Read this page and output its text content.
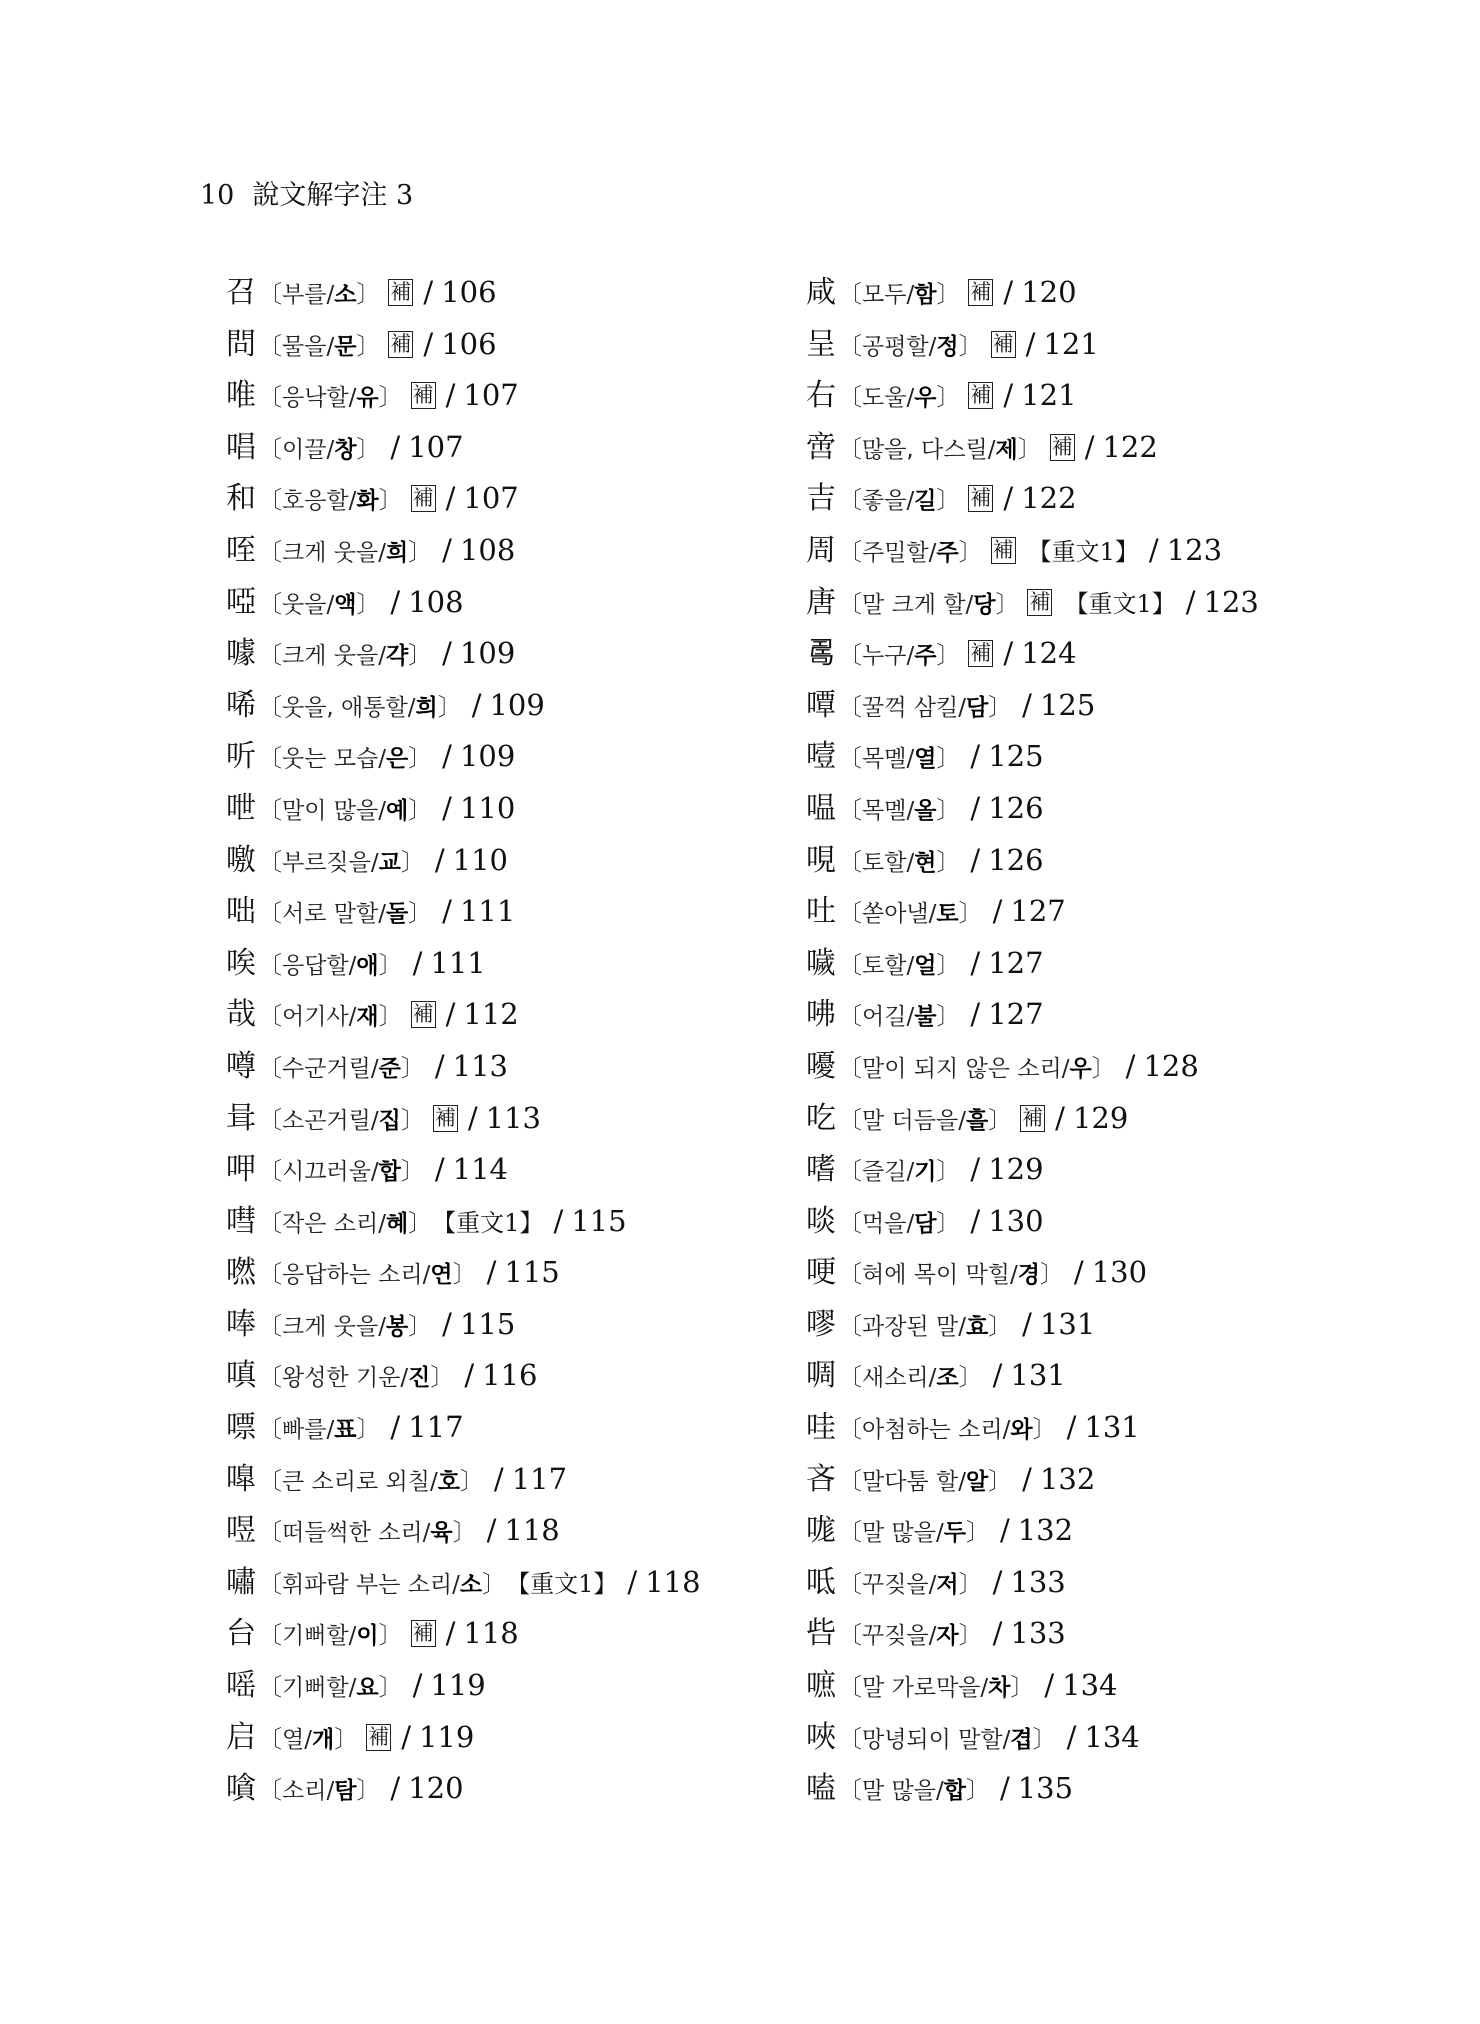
10 說文解字注 3
召〔부를/소〕 補 / 106
問〔물을/문〕 補 / 106
唯〔응낙할/유〕 補 / 107
唱〔이끌/창〕 / 107
和〔호응할/화〕 補 / 107
咥〔크게 웃을/희〕 / 108
啞〔웃을/액〕 / 108
噱〔크게 웃을/갹〕 / 109
唏〔웃을, 애통할/희〕 / 109
听〔웃는 모습/은〕 / 109
呭〔말이 많을/예〕 / 110
噭〔부르짖을/교〕 / 110
咄〔서로 말할/돌〕 / 111
唉〔응답할/애〕 / 111
哉〔어기사/재〕 補 / 112
噂〔수군거릴/준〕 / 113
咠〔소곤거릴/집〕 補 / 113
呷〔시끄러울/합〕 / 114
嘒〔작은 소리/혜〕 【重文1】 / 115
嘫〔응답하는 소리/연〕 / 115
唪〔크게 웃을/봉〕 / 115
嗔〔왕성한 기운/진〕 / 116
嘌〔빠를/표〕 / 117
嘷〔큰 소리로 외칠/호〕 / 117
喅〔떠들썩한 소리/육〕 / 118
嘯〔휘파람 부는 소리/소〕 【重文1】 / 118
台〔기뻐할/이〕 補 / 118
嗂〔기뻐할/요〕 / 119
启〔열/개〕 補 / 119
嗿〔소리/탐〕 / 120
咸〔모두/함〕 補 / 120
呈〔공평할/정〕 補 / 121
右〔도울/우〕 補 / 121
啻〔많을, 다스릴/제〕 補 / 122
吉〔좋을/길〕 補 / 122
周〔주밀할/주〕 補 【重文1】 / 123
唐〔말 크게 할/당〕 補 【重文1】 / 123
𠷎〔누구/주〕 補 / 124
嘾〔꿀꺽 삼킬/담〕 / 125
噎〔목멜/열〕 / 125
嗢〔목멜/올〕 / 126
哯〔토할/현〕 / 126
吐〔쏟아낼/토〕 / 127
噦〔토할/얼〕 / 127
咈〔어길/불〕 / 127
嚘〔말이 되지 않은 소리/우〕 / 128
吃〔말 더듬을/흘〕 補 / 129
嗜〔즐길/기〕 / 129
啖〔먹을/담〕 / 130
哽〔혀에 목이 막힐/경〕 / 130
嘐〔과장된 말/효〕 / 131
啁〔새소리/조〕 / 131
哇〔아첨하는 소리/와〕 / 131
吝〔말다툼 할/알〕 / 132
哤〔말 많을/두〕 / 132
呧〔꾸짖을/저〕 / 133
呰〔꾸짖을/자〕 / 133
嗻〔말 가로막을/차〕 / 134
唊〔망녕되이 말할/겹〕 / 134
嗑〔말 많을/합〕 / 135
